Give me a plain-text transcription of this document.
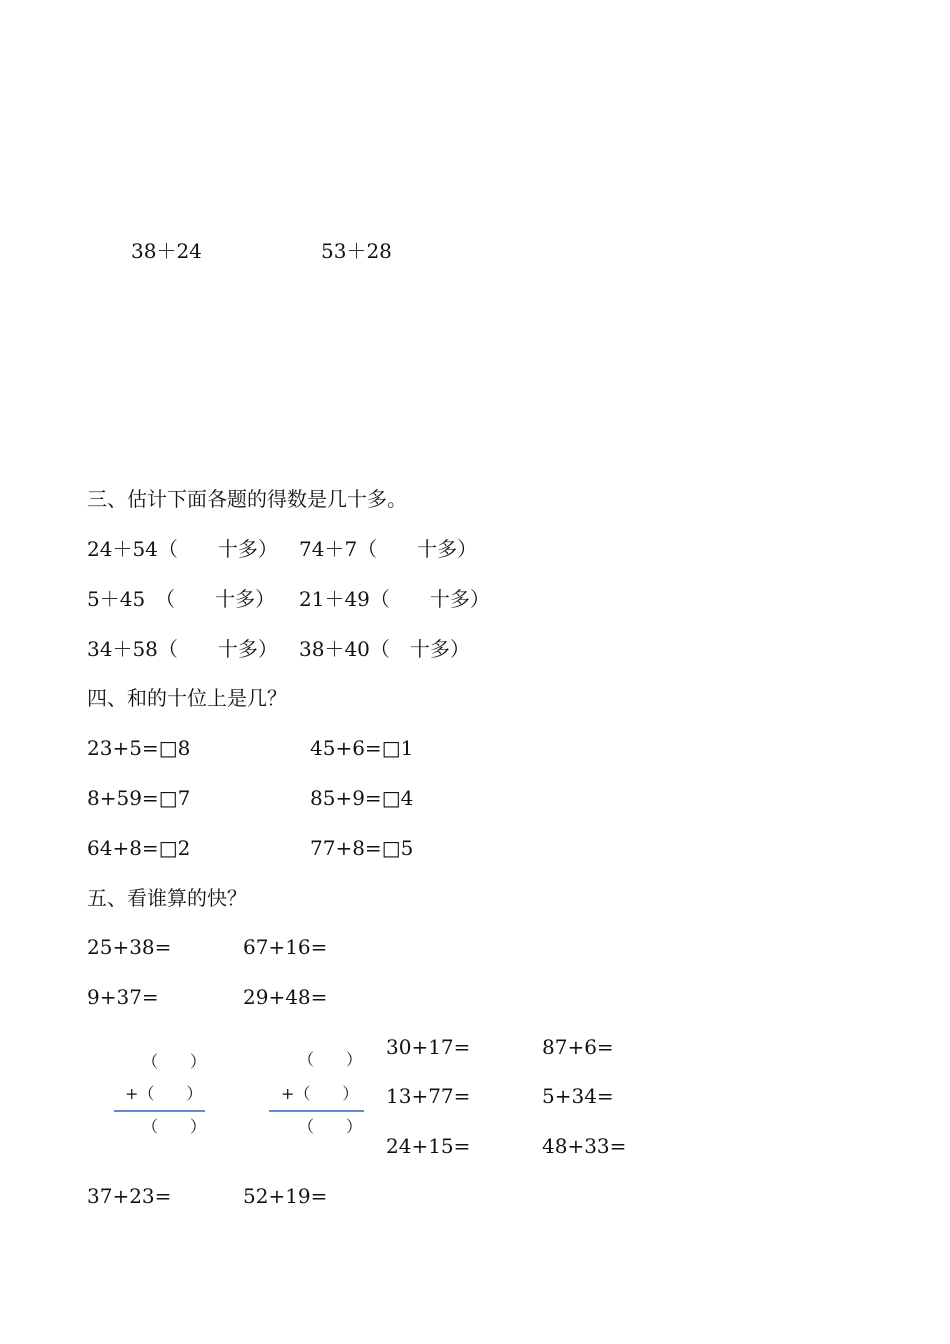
38＋24	53＋28
三、估计下面各题的得数是几十多。
24＋54（　　十多） 74＋7（　　十多）
5＋45　（　　十多） 21＋49（　　十多）
34＋58（　　十多） 38＋40（　十多）
四、和的十位上是几？
23+5=□8	45+6=□1
8+59=□7	85+9=□4
64+8=□2	77+8=□5
五、看谁算的快？
25+38=	67+16=
9+37=	29+48=
（　　）
+（　　）
（　　）
（　　）
+（　　）
（　　）
30+17=	87+6=
13+77=	5+34=
24+15=	48+33=
37+23=	52+19=
